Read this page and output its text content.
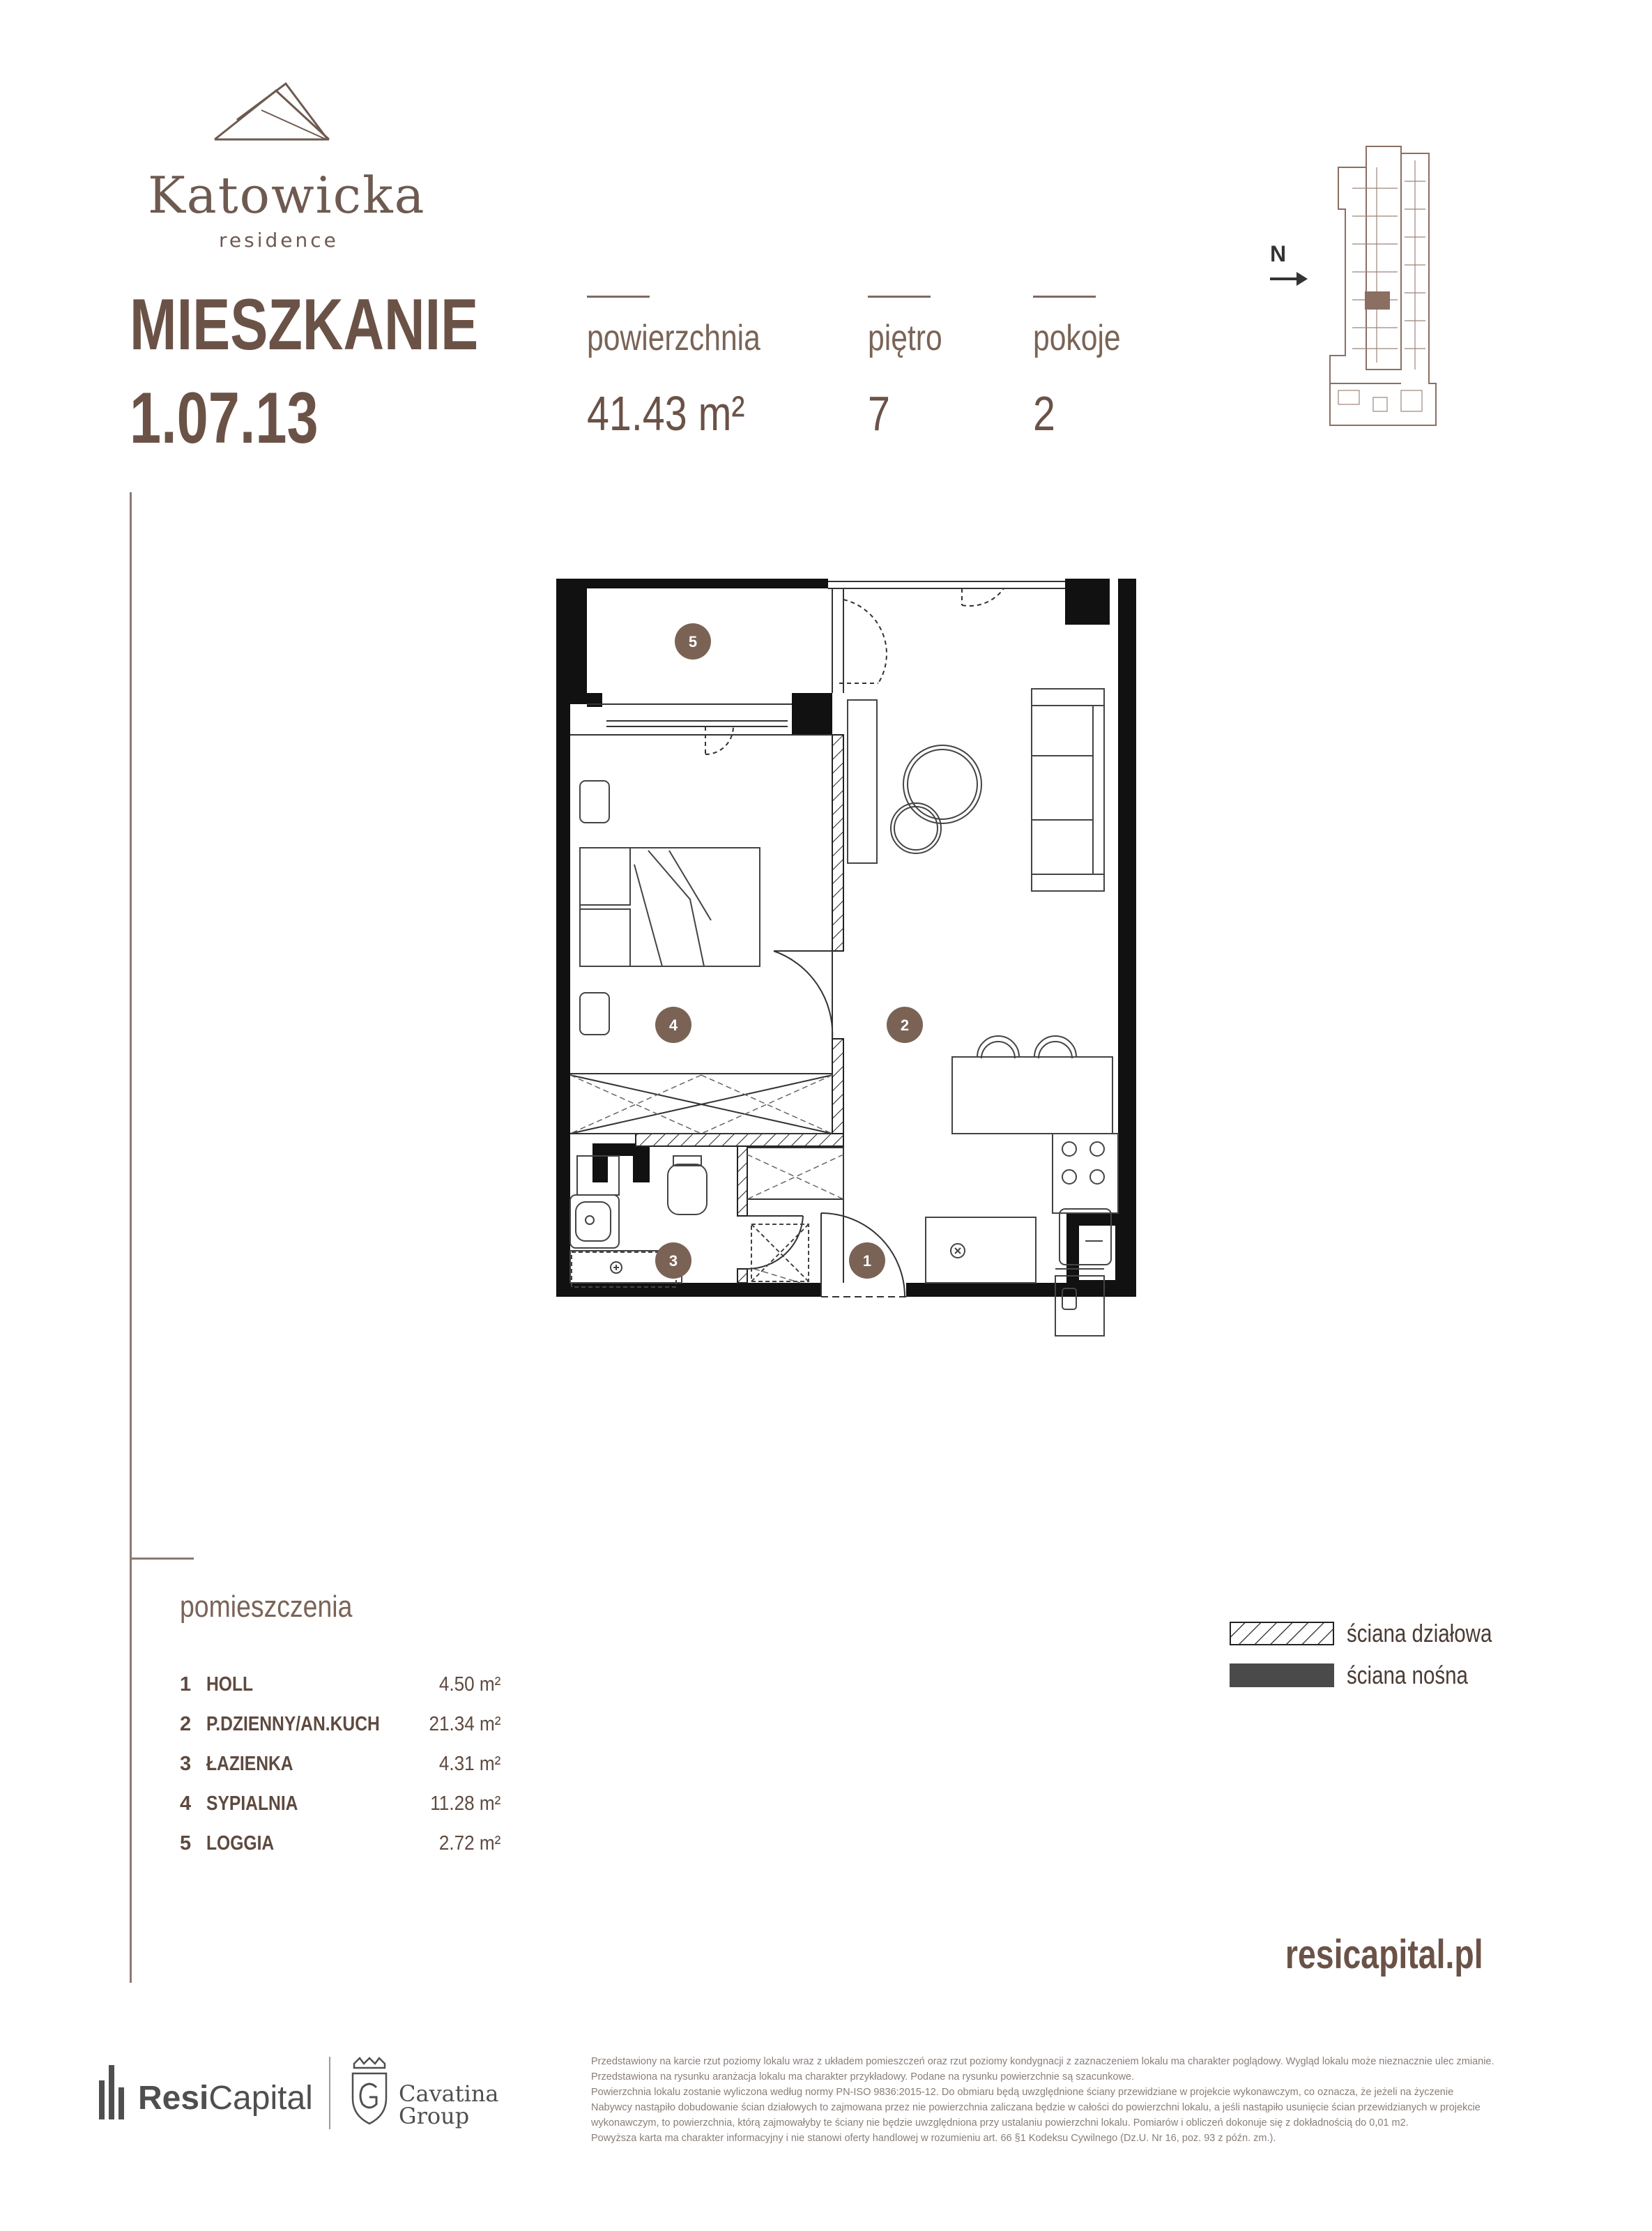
Katowicka
residence
MIESZKANIE
1.07.13
powierzchnia
41.43 m²
piętro
7
pokoje
2
N
5
2
4
3	1
pomieszczenia
1 HOLL	4.50 m²
2 P.DZIENNY/AN.KUCH 21.34 m²
3 ŁAZIENKA	4.31 m²
4 SYPIALNIA	11.28 m²
5 LOGGIA	2.72 m²
ściana działowa
ściana nośna
resicapital.pl
ResiCapital	Cavatina
Group
Przedstawiony na karcie rzut poziomy lokalu wraz z układem pomieszczeń oraz rzut poziomy kondygnacji z zaznaczeniem lokalu ma charakter poglądowy. Wygląd lokalu może nieznacznie ulec zmianie.
Przedstawiona na rysunku aranżacja lokalu ma charakter przykładowy. Podane na rysunku powierzchnie są szacunkowe.
Powierzchnia lokalu zostanie wyliczona według normy PN-ISO 9836:2015-12. Do obmiaru będą uwzględnione ściany przewidziane w projekcie wykonawczym, co oznacza, że jeżeli na życzenie
Nabywcy nastąpiło dobudowanie ścian działowych to zajmowana przez nie powierzchnia zaliczana będzie w całości do powierzchni lokalu, a jeśli nastąpiło usunięcie ścian przewidzianych w projekcie
wykonawczym, to powierzchnia, którą zajmowałyby te ściany nie będzie uwzględniona przy ustalaniu powierzchni lokalu. Pomiarów i obliczeń dokonuje się z dokładnością do 0,01 m2.
Powyższa karta ma charakter informacyjny i nie stanowi oferty handlowej w rozumieniu art. 66 §1 Kodeksu Cywilnego (Dz.U. Nr 16, poz. 93 z późn. zm.).
